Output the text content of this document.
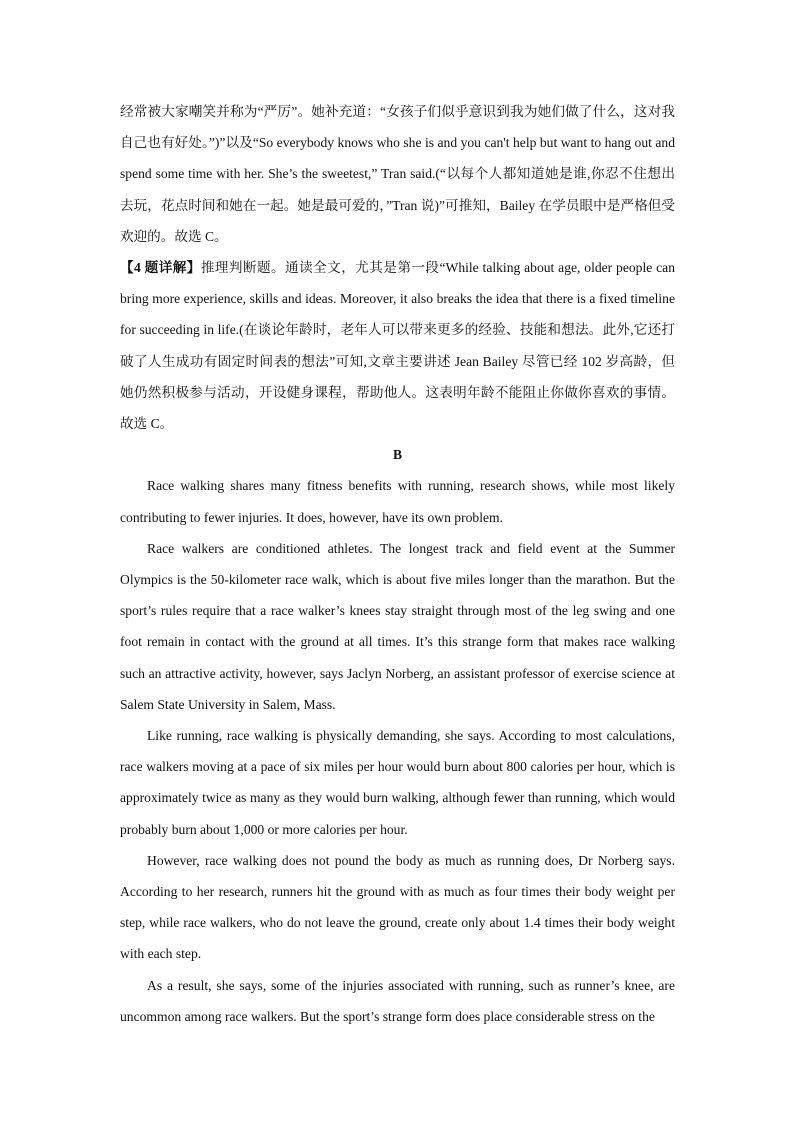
经常被大家嘲笑并称为“严厉”。她补充道：“女孩子们似乎意识到我为她们做了什么，这对我自己也有好处。”)”以及“So everybody knows who she is and you can't help but want to hang out and spend some time with her. She’s the sweetest,” Tran said.(“以每个人都知道她是谁,你忍不住想出去玩，花点时间和她在一起。她是最可爱的，”Tran 说)”可推知，Bailey 在学员眼中是严格但受欢迎的。故选 C。

【4 题详解】推理判断题。通读全文，尤其是第一段“While talking about age, older people can bring more experience, skills and ideas. Moreover, it also breaks the idea that there is a fixed timeline for succeeding in life.(在谈论年龄时，老年人可以带来更多的经验、技能和想法。此外,它还打破了人生成功有固定时间表的想法”可知,文章主要讲述 Jean Bailey 尽管已经 102 岁高龄，但她仍然积极参与活动，开设健身课程，帮助他人。这表明年龄不能阻止你做你喜欢的事情。故选 C。

B

Race walking shares many fitness benefits with running, research shows, while most likely contributing to fewer injuries. It does, however, have its own problem.

Race walkers are conditioned athletes. The longest track and field event at the Summer Olympics is the 50-kilometer race walk, which is about five miles longer than the marathon. But the sport’s rules require that a race walker’s knees stay straight through most of the leg swing and one foot remain in contact with the ground at all times. It’s this strange form that makes race walking such an attractive activity, however, says Jaclyn Norberg, an assistant professor of exercise science at Salem State University in Salem, Mass.

Like running, race walking is physically demanding, she says. According to most calculations, race walkers moving at a pace of six miles per hour would burn about 800 calories per hour, which is approximately twice as many as they would burn walking, although fewer than running, which would probably burn about 1,000 or more calories per hour.

However, race walking does not pound the body as much as running does, Dr Norberg says. According to her research, runners hit the ground with as much as four times their body weight per step, while race walkers, who do not leave the ground, create only about 1.4 times their body weight with each step.

As a result, she says, some of the injuries associated with running, such as runner’s knee, are uncommon among race walkers. But the sport’s strange form does place considerable stress on the
